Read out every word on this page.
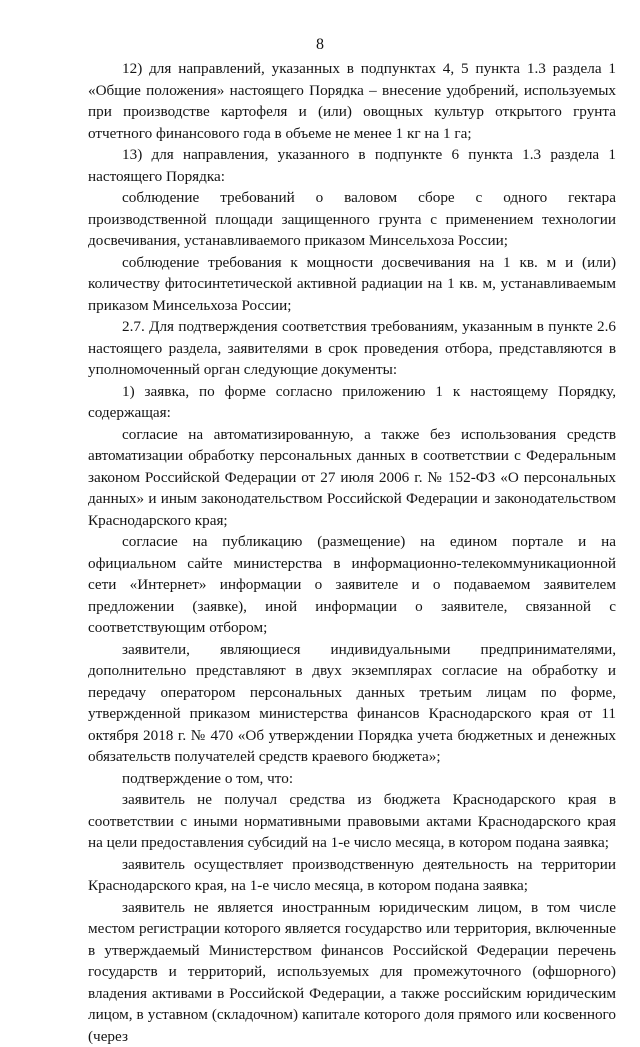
8

12) для направлений, указанных в подпунктах 4, 5 пункта 1.3 раздела 1 «Общие положения» настоящего Порядка – внесение удобрений, используемых при производстве картофеля и (или) овощных культур открытого грунта отчетного финансового года в объеме не менее 1 кг на 1 га;

13) для направления, указанного в подпункте 6 пункта 1.3 раздела 1 настоящего Порядка:

соблюдение требований о валовом сборе с одного гектара производственной площади защищенного грунта с применением технологии досвечивания, устанавливаемого приказом Минсельхоза России;

соблюдение требования к мощности досвечивания на 1 кв. м и (или) количеству фитосинтетической активной радиации на 1 кв. м, устанавливаемым приказом Минсельхоза России;

2.7. Для подтверждения соответствия требованиям, указанным в пункте 2.6 настоящего раздела, заявителями в срок проведения отбора, представляются в уполномоченный орган следующие документы:

1) заявка, по форме согласно приложению 1 к настоящему Порядку, содержащая:

согласие на автоматизированную, а также без использования средств автоматизации обработку персональных данных в соответствии с Федеральным законом Российской Федерации от 27 июля 2006 г. № 152-ФЗ «О персональных данных» и иным законодательством Российской Федерации и законодательством Краснодарского края;

согласие на публикацию (размещение) на едином портале и на официальном сайте министерства в информационно-телекоммуникационной сети «Интернет» информации о заявителе и о подаваемом заявителем предложении (заявке), иной информации о заявителе, связанной с соответствующим отбором;

заявители, являющиеся индивидуальными предпринимателями, дополнительно представляют в двух экземплярах согласие на обработку и передачу оператором персональных данных третьим лицам по форме, утвержденной приказом министерства финансов Краснодарского края от 11 октября 2018 г. № 470 «Об утверждении Порядка учета бюджетных и денежных обязательств получателей средств краевого бюджета»;

подтверждение о том, что:

заявитель не получал средства из бюджета Краснодарского края в соответствии с иными нормативными правовыми актами Краснодарского края на цели предоставления субсидий на 1-е число месяца, в котором подана заявка;

заявитель осуществляет производственную деятельность на территории Краснодарского края, на 1-е число месяца, в котором подана заявка;

заявитель не является иностранным юридическим лицом, в том числе местом регистрации которого является государство или территория, включенные в утверждаемый Министерством финансов Российской Федерации перечень государств и территорий, используемых для промежуточного (офшорного) владения активами в Российской Федерации, а также российским юридическим лицом, в уставном (складочном) капитале которого доля прямого или косвенного (через
